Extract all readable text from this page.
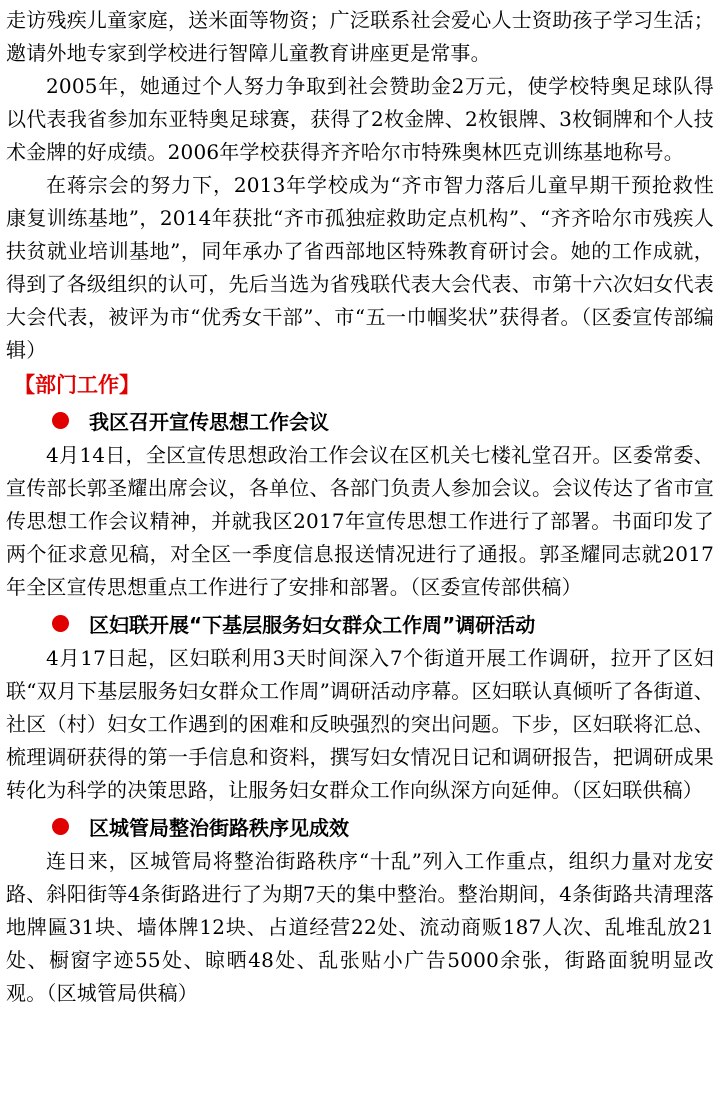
走访残疾儿童家庭，送米面等物资；广泛联系社会爱心人士资助孩子学习生活；邀请外地专家到学校进行智障儿童教育讲座更是常事。

2005年，她通过个人努力争取到社会赞助金2万元，使学校特奥足球队得以代表我省参加东亚特奥足球赛，获得了2枚金牌、2枚银牌、3枚铜牌和个人技术金牌的好成绩。2006年学校获得齐齐哈尔市特殊奥林匹克训练基地称号。

在蒋宗会的努力下，2013年学校成为“齐市智力落后儿童早期干预抢救性康复训练基地”，2014年获批“齐市孤独症救助定点机构”、“齐齐哈尔市残疾人扶贫就业培训基地”，同年承办了省西部地区特殊教育研讨会。她的工作成就，得到了各级组织的认可，先后当选为省残联代表大会代表、市第十六次妇女代表大会代表，被评为市“优秀女干部”、市“五一巾帼奖状”获得者。（区委宣传部编辑）

【部门工作】
我区召开宣传思想工作会议

4月14日，全区宣传思想政治工作会议在区机关七楼礼堂召开。区委常委、宣传部长郭圣耀出席会议，各单位、各部门负责人参加会议。会议传达了省市宣传思想工作会议精神，并就我区2017年宣传思想工作进行了部署。书面印发了两个征求意见稿，对全区一季度信息报送情况进行了通报。郭圣耀同志就2017年全区宣传思想重点工作进行了安排和部署。（区委宣传部供稿）

区妇联开展“下基层服务妇女群众工作周”调研活动

4月17日起，区妇联利用3天时间深入7个街道开展工作调研，拉开了区妇联“双月下基层服务妇女群众工作周”调研活动序幕。区妇联认真倾听了各街道、社区（村）妇女工作遇到的困难和反映强烈的突出问题。下步，区妇联将汇总、梳理调研获得的第一手信息和资料，撰写妇女情况日记和调研报告，把调研成果转化为科学的决策思路，让服务妇女群众工作向纵深方向延伸。（区妇联供稿）

区城管局整治街路秩序见成效

连日来，区城管局将整治街路秩序“十乱”列入工作重点，组织力量对龙安路、斜阳街等4条街路进行了为期7天的集中整治。整治期间，4条街路共清理落地牌匾31块、墙体牌12块、占道经营22处、流动商贩187人次、乱堆乱放21处、橱窗字迹55处、晾晒48处、乱张贴小广告5000余张，街路面貌明显改观。（区城管局供稿）
